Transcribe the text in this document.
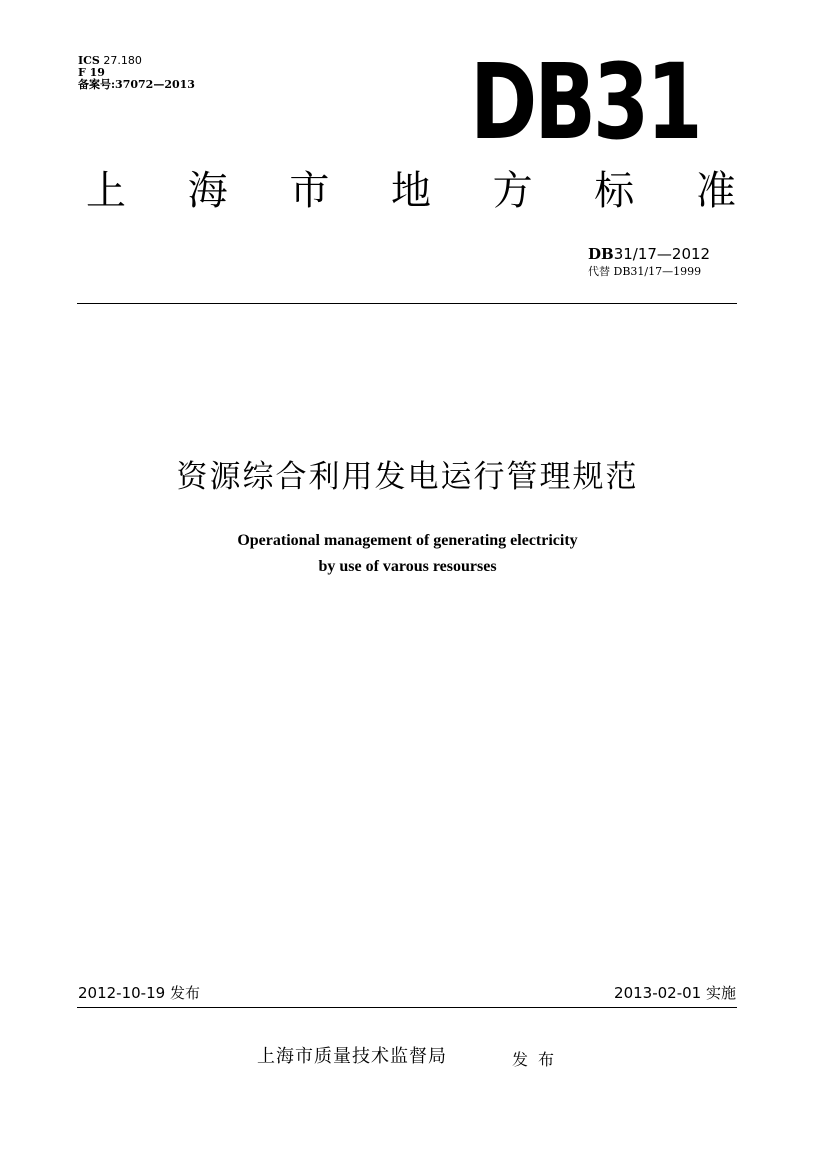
ICS 27.180
F 19
备案号:37072—2013	DB31
上 海 市 地 方 标 准
DB31/17—2012
代替 DB31/17—1999
资源综合利用发电运行管理规范
Operational management of generating electricity
by use of varous resourses
2012-10-19 发布	2013-02-01 实施
上海市质量技术监督局	发布
